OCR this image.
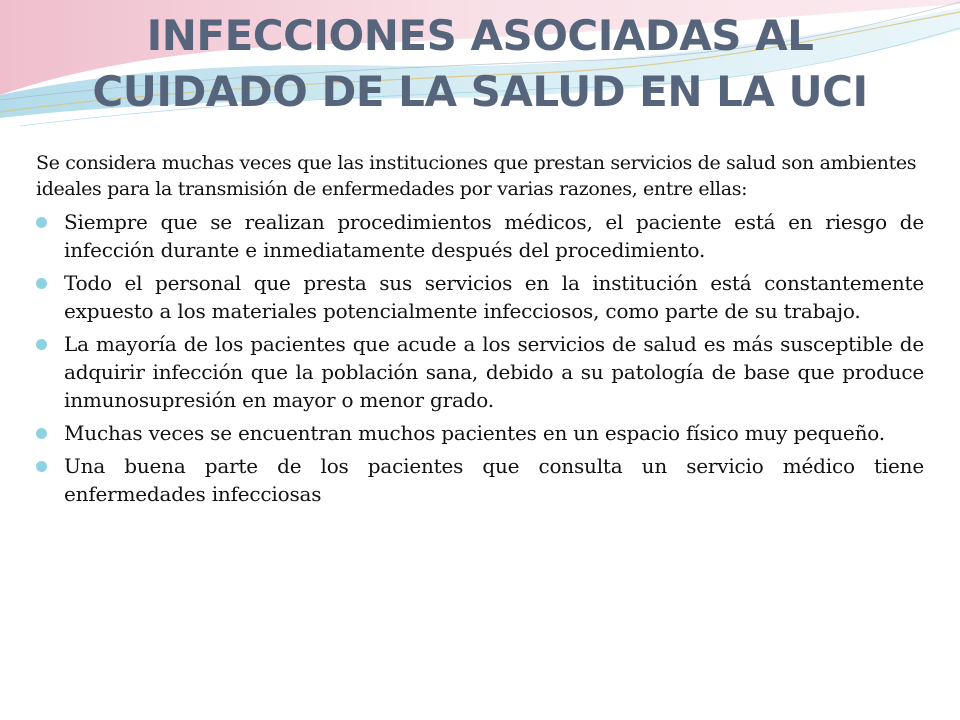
INFECCIONES ASOCIADAS AL
CUIDADO DE LA SALUD EN LA UCI

Se considera muchas veces que las instituciones que prestan servicios de salud son ambientes ideales para la transmisión de enfermedades por varias razones, entre ellas:

Siempre que se realizan procedimientos médicos, el paciente está en riesgo de infección durante e inmediatamente después del procedimiento.
Todo el personal que presta sus servicios en la institución está constantemente expuesto a los materiales potencialmente infecciosos, como parte de su trabajo.
La mayoría de los pacientes que acude a los servicios de salud es más susceptible de adquirir infección que la población sana, debido a su patología de base que produce inmunosupresión en mayor o menor grado.
Muchas veces se encuentran muchos pacientes en un espacio físico muy pequeño.
Una buena parte de los pacientes que consulta un servicio médico tiene enfermedades infecciosas
